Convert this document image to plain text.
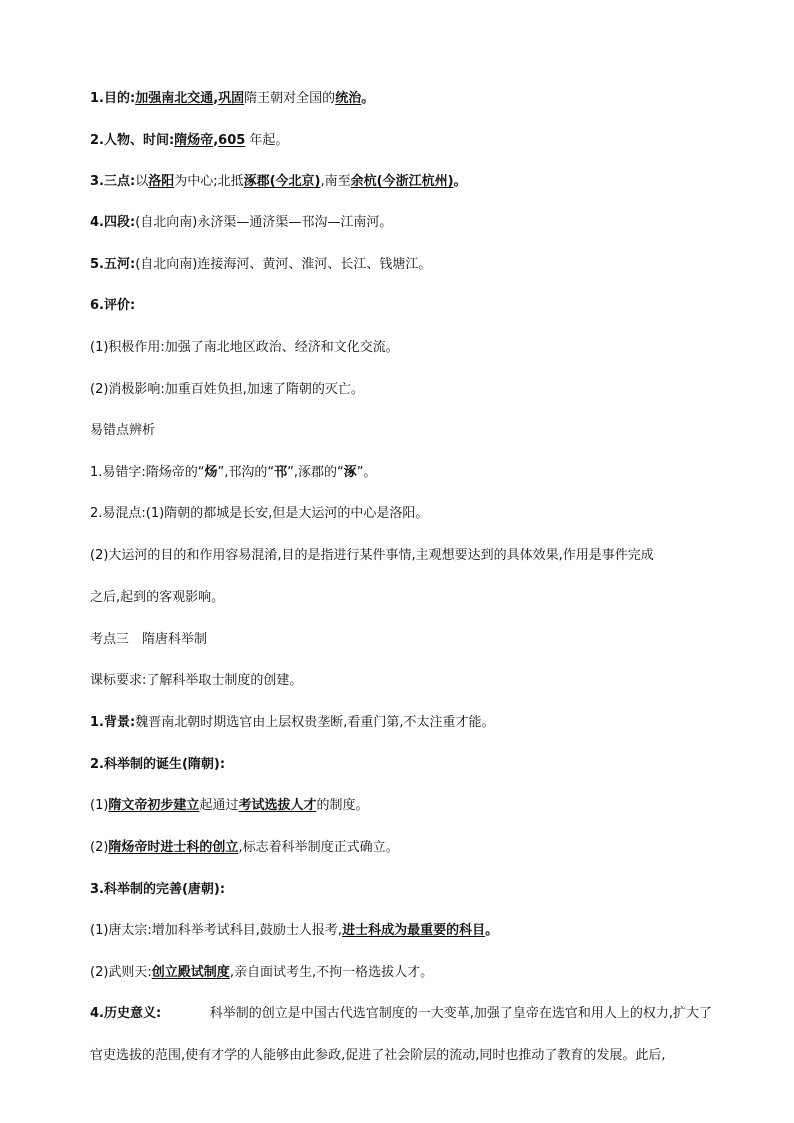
1.目的:加强南北交通,巩固隋王朝对全国的统治。
2.人物、时间:隋炀帝,605 年起。
3.三点:以洛阳为中心;北抵涿郡(今北京),南至余杭(今浙江杭州)。
4.四段:(自北向南)永济渠—通济渠—邗沟—江南河。
5.五河:(自北向南)连接海河、黄河、淮河、长江、钱塘江。
6.评价:
(1)积极作用:加强了南北地区政治、经济和文化交流。
(2)消极影响:加重百姓负担,加速了隋朝的灭亡。
易错点辨析
1.易错字:隋炀帝的“炀”,邗沟的“邗”,涿郡的“涿”。
2.易混点:(1)隋朝的都城是长安,但是大运河的中心是洛阳。
(2)大运河的目的和作用容易混淆,目的是指进行某件事情,主观想要达到的具体效果,作用是事件完成
之后,起到的客观影响。
考点三　隋唐科举制
课标要求:了解科举取士制度的创建。
1.背景:魏晋南北朝时期选官由上层权贵垄断,看重门第,不太注重才能。
2.科举制的诞生(隋朝):
(1)隋文帝初步建立起通过考试选拔人才的制度。
(2)隋炀帝时进士科的创立,标志着科举制度正式确立。
3.科举制的完善(唐朝):
(1)唐太宗:增加科举考试科目,鼓励士人报考,进士科成为最重要的科目。
(2)武则天:创立殿试制度,亲自面试考生,不拘一格选拔人才。
4.历史意义:	科举制的创立是中国古代选官制度的一大变革,加强了皇帝在选官和用人上的权力,扩大了
官吏选拔的范围,使有才学的人能够由此参政,促进了社会阶层的流动,同时也推动了教育的发展。此后,
